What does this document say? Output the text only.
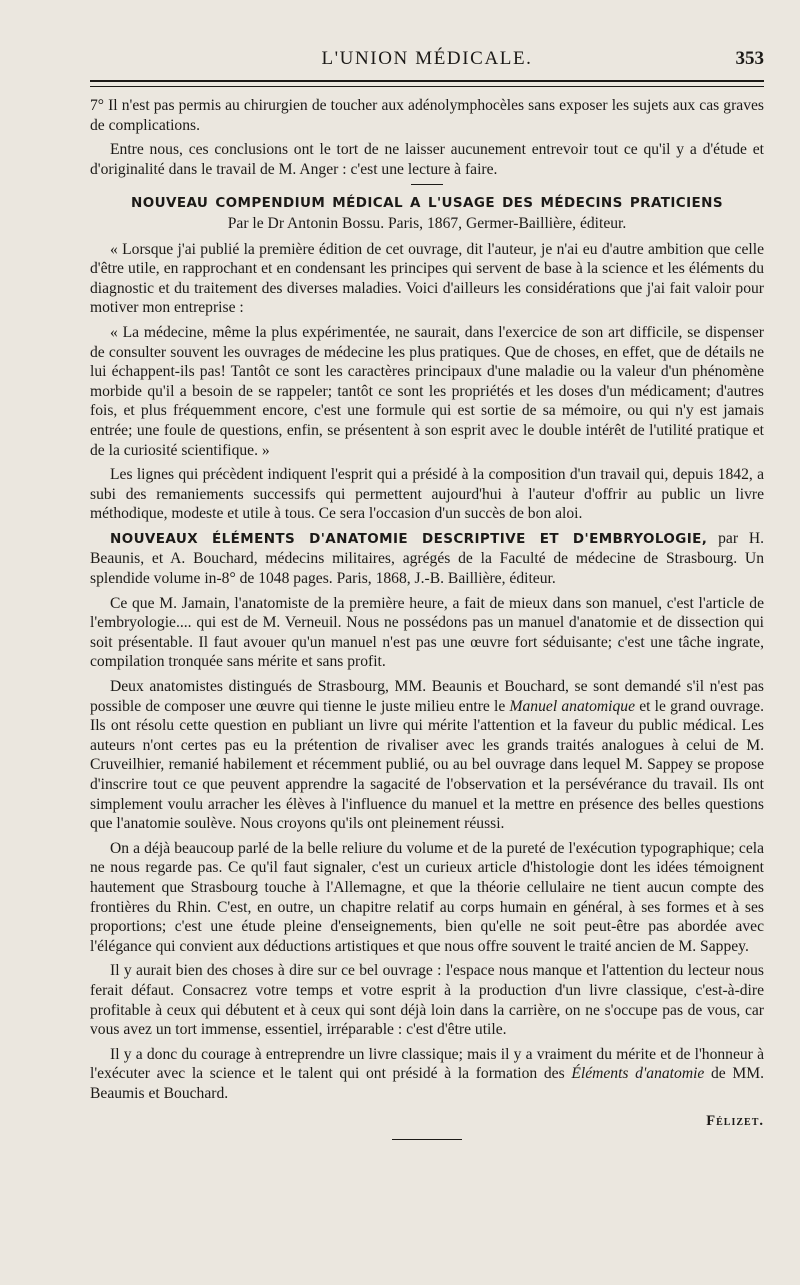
L'UNION MÉDICALE.	353

7° Il n'est pas permis au chirurgien de toucher aux adénolymphocèles sans exposer les sujets aux cas graves de complications.

Entre nous, ces conclusions ont le tort de ne laisser aucunement entrevoir tout ce qu'il y a d'étude et d'originalité dans le travail de M. Anger : c'est une lecture à faire.

NOUVEAU COMPENDIUM MÉDICAL A L'USAGE DES MÉDECINS PRATICIENS
Par le Dr Antonin Bossu. Paris, 1867, Germer-Baillière, éditeur.

« Lorsque j'ai publié la première édition de cet ouvrage, dit l'auteur, je n'ai eu d'autre ambition que celle d'être utile, en rapprochant et en condensant les principes qui servent de base à la science et les éléments du diagnostic et du traitement des diverses maladies. Voici d'ailleurs les considérations que j'ai fait valoir pour motiver mon entreprise :

« La médecine, même la plus expérimentée, ne saurait, dans l'exercice de son art difficile, se dispenser de consulter souvent les ouvrages de médecine les plus pratiques. Que de choses, en effet, que de détails ne lui échappent-ils pas! Tantôt ce sont les caractères principaux d'une maladie ou la valeur d'un phénomène morbide qu'il a besoin de se rappeler; tantôt ce sont les propriétés et les doses d'un médicament; d'autres fois, et plus fréquemment encore, c'est une formule qui est sortie de sa mémoire, ou qui n'y est jamais entrée; une foule de questions, enfin, se présentent à son esprit avec le double intérêt de l'utilité pratique et de la curiosité scientifique. »

Les lignes qui précèdent indiquent l'esprit qui a présidé à la composition d'un travail qui, depuis 1842, a subi des remaniements successifs qui permettent aujourd'hui à l'auteur d'offrir au public un livre méthodique, modeste et utile à tous. Ce sera l'occasion d'un succès de bon aloi.

NOUVEAUX ÉLÉMENTS D'ANATOMIE DESCRIPTIVE ET D'EMBRYOLOGIE, par H. Beaunis, et A. Bouchard, médecins militaires, agrégés de la Faculté de médecine de Strasbourg. Un splendide volume in-8° de 1048 pages. Paris, 1868, J.-B. Baillière, éditeur.

Ce que M. Jamain, l'anatomiste de la première heure, a fait de mieux dans son manuel, c'est l'article de l'embryologie.... qui est de M. Verneuil. Nous ne possédons pas un manuel d'anatomie et de dissection qui soit présentable. Il faut avouer qu'un manuel n'est pas une œuvre fort séduisante; c'est une tâche ingrate, compilation tronquée sans mérite et sans profit.

Deux anatomistes distingués de Strasbourg, MM. Beaunis et Bouchard, se sont demandé s'il n'est pas possible de composer une œuvre qui tienne le juste milieu entre le Manuel anatomique et le grand ouvrage. Ils ont résolu cette question en publiant un livre qui mérite l'attention et la faveur du public médical. Les auteurs n'ont certes pas eu la prétention de rivaliser avec les grands traités analogues à celui de M. Cruveilhier, remanié habilement et récemment publié, ou au bel ouvrage dans lequel M. Sappey se propose d'inscrire tout ce que peuvent apprendre la sagacité de l'observation et la persévérance du travail. Ils ont simplement voulu arracher les élèves à l'influence du manuel et la mettre en présence des belles questions que l'anatomie soulève. Nous croyons qu'ils ont pleinement réussi.

On a déjà beaucoup parlé de la belle reliure du volume et de la pureté de l'exécution typographique; cela ne nous regarde pas. Ce qu'il faut signaler, c'est un curieux article d'histologie dont les idées témoignent hautement que Strasbourg touche à l'Allemagne, et que la théorie cellulaire ne tient aucun compte des frontières du Rhin. C'est, en outre, un chapitre relatif au corps humain en général, à ses formes et à ses proportions; c'est une étude pleine d'enseignements, bien qu'elle ne soit peut-être pas abordée avec l'élégance qui convient aux déductions artistiques et que nous offre souvent le traité ancien de M. Sappey.

Il y aurait bien des choses à dire sur ce bel ouvrage : l'espace nous manque et l'attention du lecteur nous ferait défaut. Consacrez votre temps et votre esprit à la production d'un livre classique, c'est-à-dire profitable à ceux qui débutent et à ceux qui sont déjà loin dans la carrière, on ne s'occupe pas de vous, car vous avez un tort immense, essentiel, irréparable : c'est d'être utile.

Il y a donc du courage à entreprendre un livre classique; mais il y a vraiment du mérite et de l'honneur à l'exécuter avec la science et le talent qui ont présidé à la formation des Éléments d'anatomie de MM. Beaumis et Bouchard.

Félizet.
